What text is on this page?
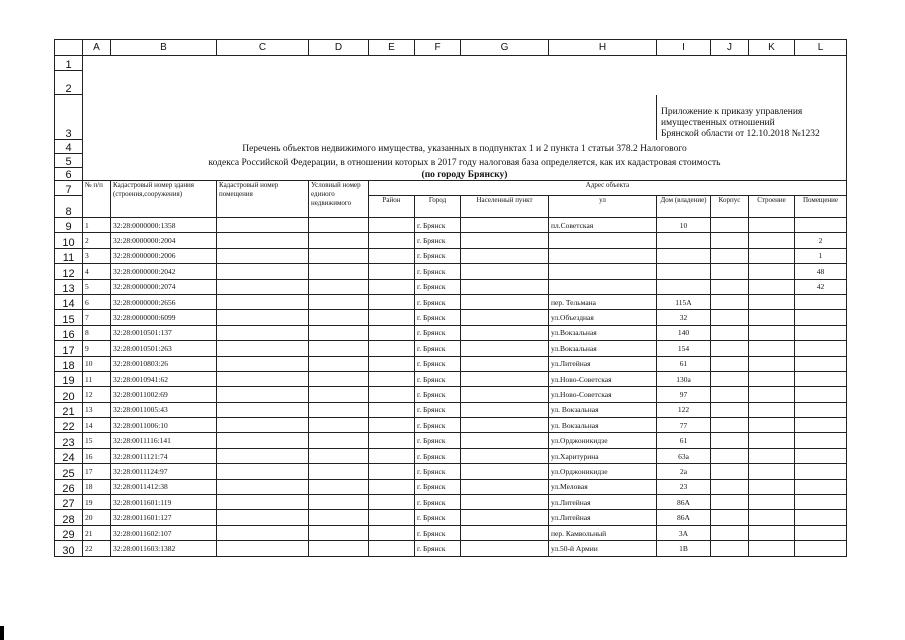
	A	B	C	D	E	F	G	H	I	J	K	L
1												
2												
3									Приложение к приказу управления
имущественных отношений
Брянской области от 12.10.2018 №1232			
4	Перечень объектов недвижимого имущества, указанных в подпунктах 1 и 2 пункта 1 статьи 378.2 Налогового											
5	кодекса Российской Федерации, в отношении которых в 2017 году налоговая база определяется, как их кадастровая стоимость											
6	(по городу Брянску)											
7	№ п/п	Кадастровый номер здания (строения,сооружения)	Кадастровый номер помещения	Условный номер единого недвижимого	Адрес объекта							
8					Район	Город	Населенный пункт	ул	Дом (владение)	Корпус	Строение	Помещение
9	1	32:28:0000000:1358				г. Брянск		пл.Советская	10			
10	2	32:28:0000000:2004				г. Брянск						2
11	3	32:28:0000000:2006				г. Брянск						1
12	4	32:28:0000000:2042				г. Брянск						48
13	5	32:28:0000000:2074				г. Брянск						42
14	6	32:28:0000000:2656				г. Брянск		пер. Тельмана	115А			
15	7	32:28:0000000:6099				г. Брянск		ул.Объездная	32			
16	8	32:28:0010501:137				г. Брянск		ул.Вокзальная	140			
17	9	32:28:0010501:263				г. Брянск		ул.Вокзальная	154			
18	10	32:28:0010803:26				г. Брянск		ул.Литейная	61			
19	11	32:28:0010941:62				г. Брянск		ул.Ново-Советская	130а			
20	12	32:28:0011002:69				г. Брянск		ул.Ново-Советская	97			
21	13	32:28:0011005:43				г. Брянск		ул. Вокзальная	122			
22	14	32:28:0011006:10				г. Брянск		ул. Вокзальная	77			
23	15	32:28:0011116:141				г. Брянск		ул.Орджоникидзе	61			
24	16	32:28:0011121:74				г. Брянск		ул.Харитурина	63а			
25	17	32:28:0011124:97				г. Брянск		ул.Орджоникидзе	2а			
26	18	32:28:0011412:38				г. Брянск		ул.Меловая	23			
27	19	32:28:0011601:119				г. Брянск		ул.Литейная	86А			
28	20	32:28:0011601:127				г. Брянск		ул.Литейная	86А			
29	21	32:28:0011602:107				г. Брянск		пер. Камвольный	3А			
30	22	32:28:0011603:1382				г. Брянск		ул.50-й Армии	1В			
